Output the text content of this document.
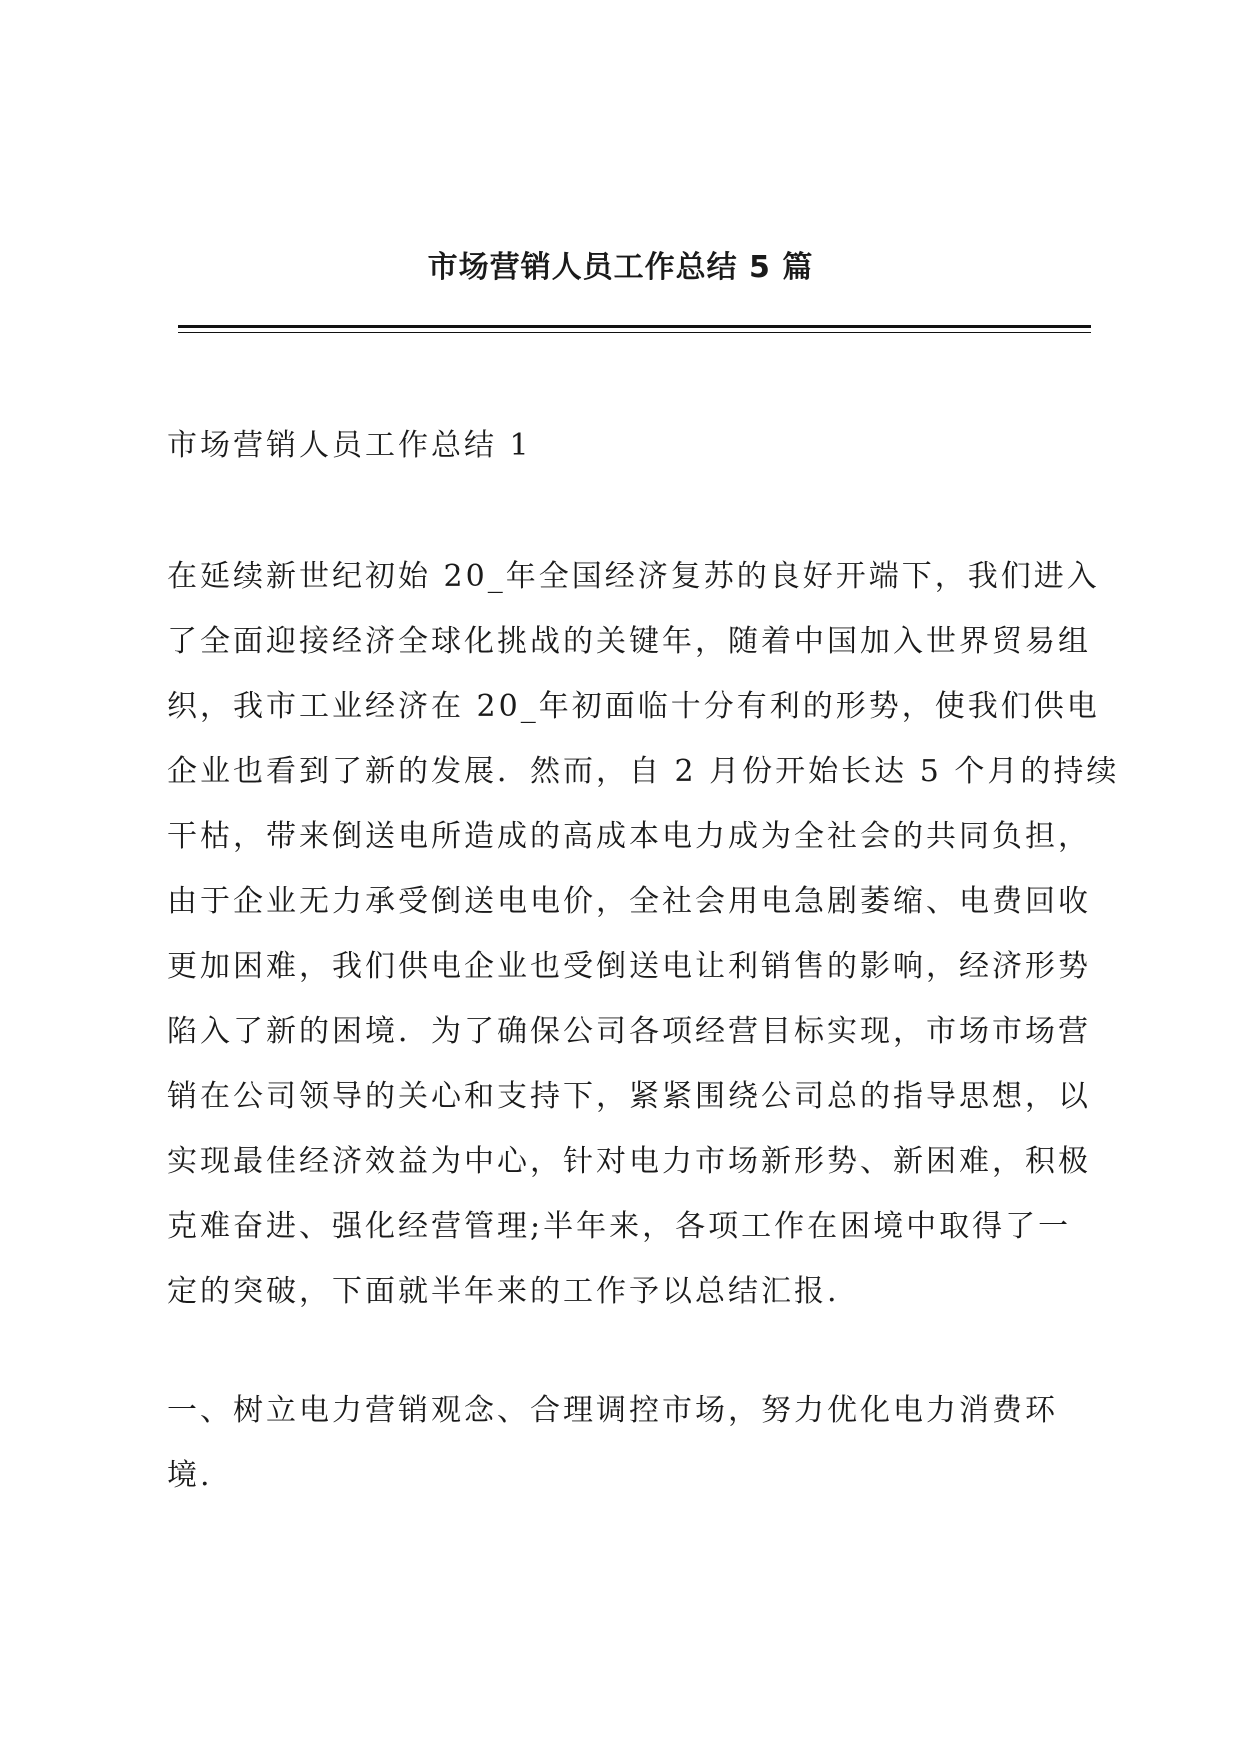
市场营销人员工作总结 5 篇

市场营销人员工作总结 1

在延续新世纪初始 20_年全国经济复苏的良好开端下，我们进入
了全面迎接经济全球化挑战的关键年，随着中国加入世界贸易组
织，我市工业经济在 20_年初面临十分有利的形势，使我们供电
企业也看到了新的发展．然而，自 2 月份开始长达 5 个月的持续
干枯，带来倒送电所造成的高成本电力成为全社会的共同负担，
由于企业无力承受倒送电电价，全社会用电急剧萎缩、电费回收
更加困难，我们供电企业也受倒送电让利销售的影响，经济形势
陷入了新的困境．为了确保公司各项经营目标实现，市场市场营
销在公司领导的关心和支持下，紧紧围绕公司总的指导思想，以
实现最佳经济效益为中心，针对电力市场新形势、新困难，积极
克难奋进、强化经营管理;半年来，各项工作在困境中取得了一
定的突破，下面就半年来的工作予以总结汇报.

一、树立电力营销观念、合理调控市场，努力优化电力消费环
境.
